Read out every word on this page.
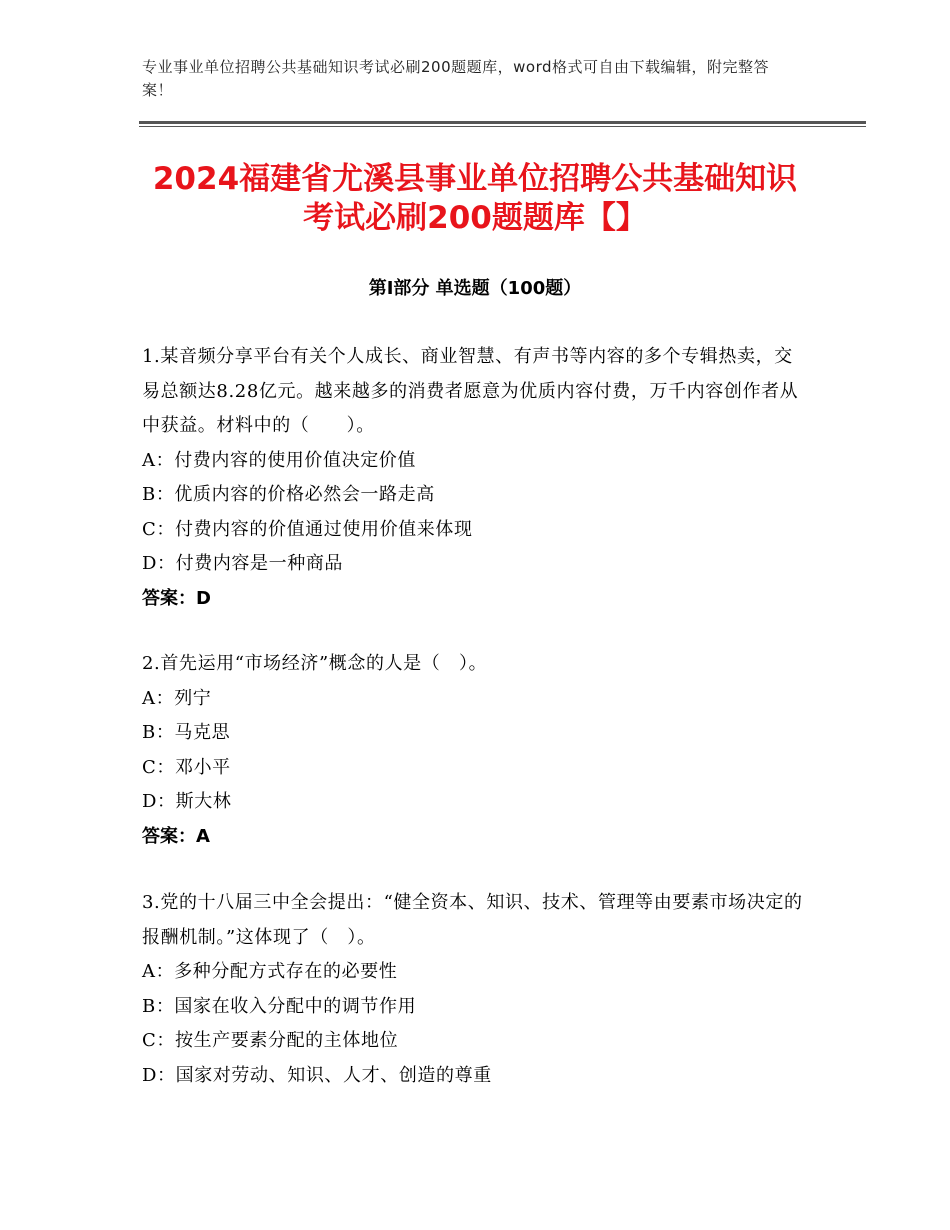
专业事业单位招聘公共基础知识考试必刷200题题库，word格式可自由下载编辑，附完整答案！
2024福建省尤溪县事业单位招聘公共基础知识考试必刷200题题库【】
第Ⅰ部分 单选题（100题）
1.某音频分享平台有关个人成长、商业智慧、有声书等内容的多个专辑热卖，交易总额达8.28亿元。越来越多的消费者愿意为优质内容付费，万千内容创作者从中获益。材料中的（　　）。
A：付费内容的使用价值决定价值
B：优质内容的价格必然会一路走高
C：付费内容的价值通过使用价值来体现
D：付费内容是一种商品
答案：D
2.首先运用“市场经济”概念的人是（　）。
A：列宁
B：马克思
C：邓小平
D：斯大林
答案：A
3.党的十八届三中全会提出：“健全资本、知识、技术、管理等由要素市场决定的报酬机制。”这体现了（　）。
A：多种分配方式存在的必要性
B：国家在收入分配中的调节作用
C：按生产要素分配的主体地位
D：国家对劳动、知识、人才、创造的尊重
